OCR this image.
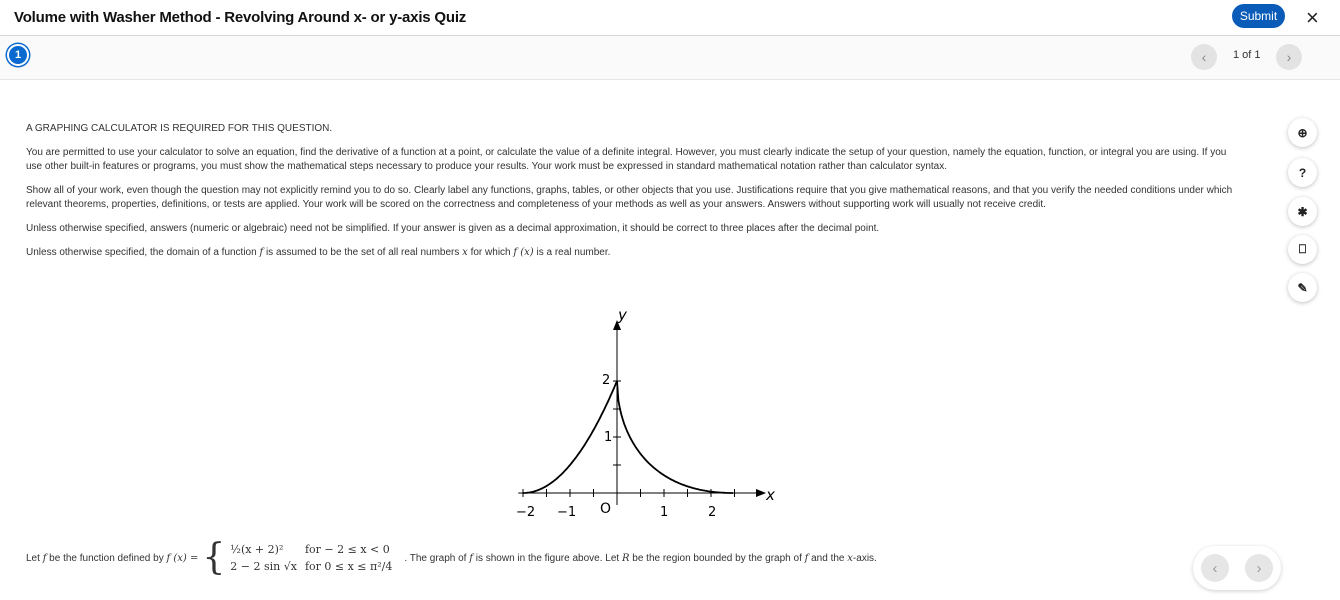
Volume with Washer Method - Revolving Around x- or y-axis Quiz	Submit	×
1	‹	1 of 1	›

A GRAPHING CALCULATOR IS REQUIRED FOR THIS QUESTION.

You are permitted to use your calculator to solve an equation, find the derivative of a function at a point, or calculate the value of a definite integral. However, you must clearly indicate the setup of your question, namely the equation, function, or integral you are using. If you use other built-in features or programs, you must show the mathematical steps necessary to produce your results. Your work must be expressed in standard mathematical notation rather than calculator syntax.

Show all of your work, even though the question may not explicitly remind you to do so. Clearly label any functions, graphs, tables, or other objects that you use. Justifications require that you give mathematical reasons, and that you verify the needed conditions under which relevant theorems, properties, definitions, or tests are applied. Your work will be scored on the correctness and completeness of your methods as well as your answers. Answers without supporting work will usually not receive credit.

Unless otherwise specified, answers (numeric or algebraic) need not be simplified. If your answer is given as a decimal approximation, it should be correct to three places after the decimal point.

Unless otherwise specified, the domain of a function f is assumed to be the set of all real numbers x for which f (x) is a real number.

y
x
O
−2 −1	1	2
1
2
Let
f
be the function defined by
f (x) = { ½(x + 2)²	for − 2 ≤ x < 0
2 − 2 sin √x	for 0 ≤ x ≤ π²/4
. The graph of
f
is shown in the figure above. Let
R
be the region bounded by the graph of
f
and the
x -axis.
⊕
?
✱
⎕
✎
‹	›
